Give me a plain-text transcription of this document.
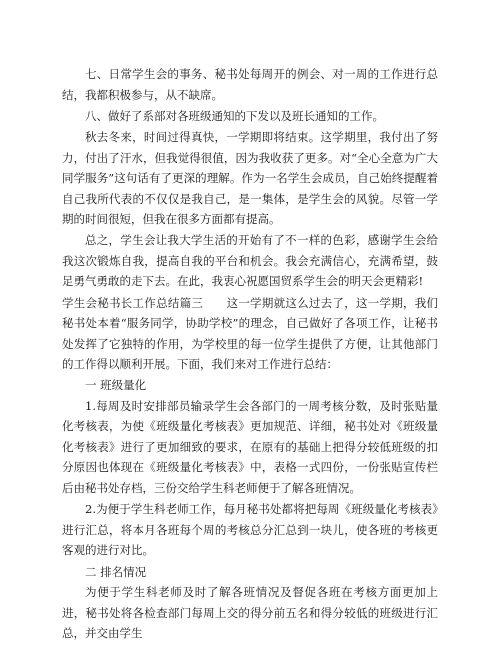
七、日常学生会的事务、秘书处每周开的例会、对一周的工作进行总结，我都积极参与，从不缺席。

八、做好了系部对各班级通知的下发以及班长通知的工作。

秋去冬来，时间过得真快，一学期即将结束。这学期里，我付出了努力，付出了汗水，但我觉得很值，因为我收获了更多。对“全心全意为广大同学服务”这句话有了更深的理解。作为一名学生会成员，自己始终提醒着自己我所代表的不仅仅是我自己，是一集体，是学生会的风貌。尽管一学期的时间很短，但我在很多方面都有提高。

总之，学生会让我大学生活的开始有了不一样的色彩，感谢学生会给我这次锻炼自我，提高自我的平台和机会。我会充满信心，充满希望，鼓足勇气勇敢的走下去。在此，我衷心祝愿国贸系学生会的明天会更精彩!

学生会秘书长工作总结篇三　　这一学期就这么过去了，这一学期，我们秘书处本着“服务同学，协助学校”的理念，自己做好了各项工作，让秘书处发挥了它独特的作用，为学校里的每一位学生提供了方便，让其他部门的工作得以顺利开展。下面，我们来对工作进行总结：

一 班级量化

1.每周及时安排部员输录学生会各部门的一周考核分数，及时张贴量化考核表，为使《班级量化考核表》更加规范、详细，秘书处对《班级量化考核表》进行了更加细致的要求，在原有的基础上把得分较低班级的扣分原因也体现在《班级量化考核表》中，表格一式四份，一份张贴宣传栏后由秘书处存档，三份交给学生科老师便于了解各班情况。

2.为便于学生科老师工作，每月秘书处都将把每周《班级量化考核表》进行汇总，将本月各班每个周的考核总分汇总到一块儿，使各班的考核更客观的进行对比。

二 排名情况

为便于学生科老师及时了解各班情况及督促各班在考核方面更加上进，秘书处将各检查部门每周上交的得分前五名和得分较低的班级进行汇总，并交由学生
